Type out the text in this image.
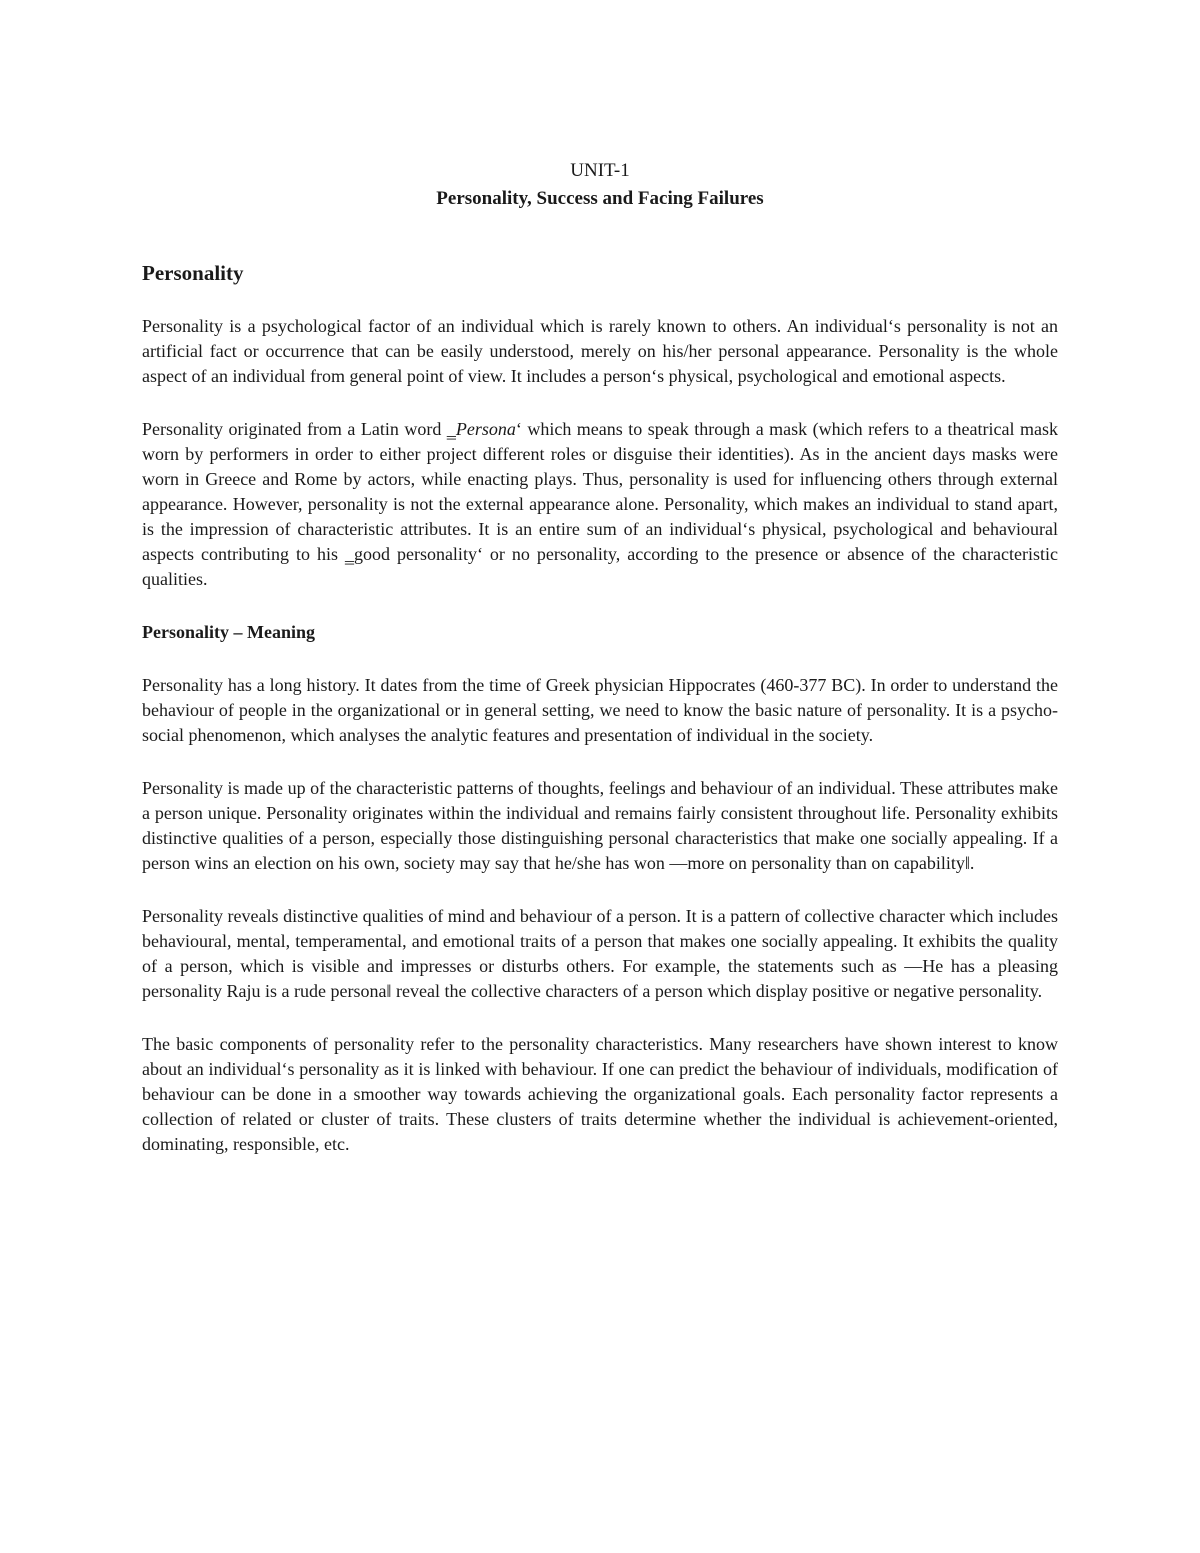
UNIT-1
Personality, Success and Facing Failures
Personality

Personality is a psychological factor of an individual which is rarely known to others. An individual‘s personality is not an artificial fact or occurrence that can be easily understood, merely on his/her personal appearance. Personality is the whole aspect of an individual from general point of view. It includes a person‘s physical, psychological and emotional aspects.

Personality originated from a Latin word ‗Persona‘ which means to speak through a mask (which refers to a theatrical mask worn by performers in order to either project different roles or disguise their identities). As in the ancient days masks were worn in Greece and Rome by actors, while enacting plays. Thus, personality is used for influencing others through external appearance. However, personality is not the external appearance alone. Personality, which makes an individual to stand apart, is the impression of characteristic attributes. It is an entire sum of an individual‘s physical, psychological and behavioural aspects contributing to his ‗good personality‘ or no personality, according to the presence or absence of the characteristic qualities.

Personality – Meaning

Personality has a long history. It dates from the time of Greek physician Hippocrates (460-377 BC). In order to understand the behaviour of people in the organizational or in general setting, we need to know the basic nature of personality. It is a psycho-social phenomenon, which analyses the analytic features and presentation of individual in the society.

Personality is made up of the characteristic patterns of thoughts, feelings and behaviour of an individual. These attributes make a person unique. Personality originates within the individual and remains fairly consistent throughout life. Personality exhibits distinctive qualities of a person, especially those distinguishing personal characteristics that make one socially appealing. If a person wins an election on his own, society may say that he/she has won ―more on personality than on capability‖.

Personality reveals distinctive qualities of mind and behaviour of a person. It is a pattern of collective character which includes behavioural, mental, temperamental, and emotional traits of a person that makes one socially appealing. It exhibits the quality of a person, which is visible and impresses or disturbs others. For example, the statements such as ―He has a pleasing personality Raju is a rude persona‖ reveal the collective characters of a person which display positive or negative personality.

The basic components of personality refer to the personality characteristics. Many researchers have shown interest to know about an individual‘s personality as it is linked with behaviour. If one can predict the behaviour of individuals, modification of behaviour can be done in a smoother way towards achieving the organizational goals. Each personality factor represents a collection of related or cluster of traits. These clusters of traits determine whether the individual is achievement-oriented, dominating, responsible, etc.
